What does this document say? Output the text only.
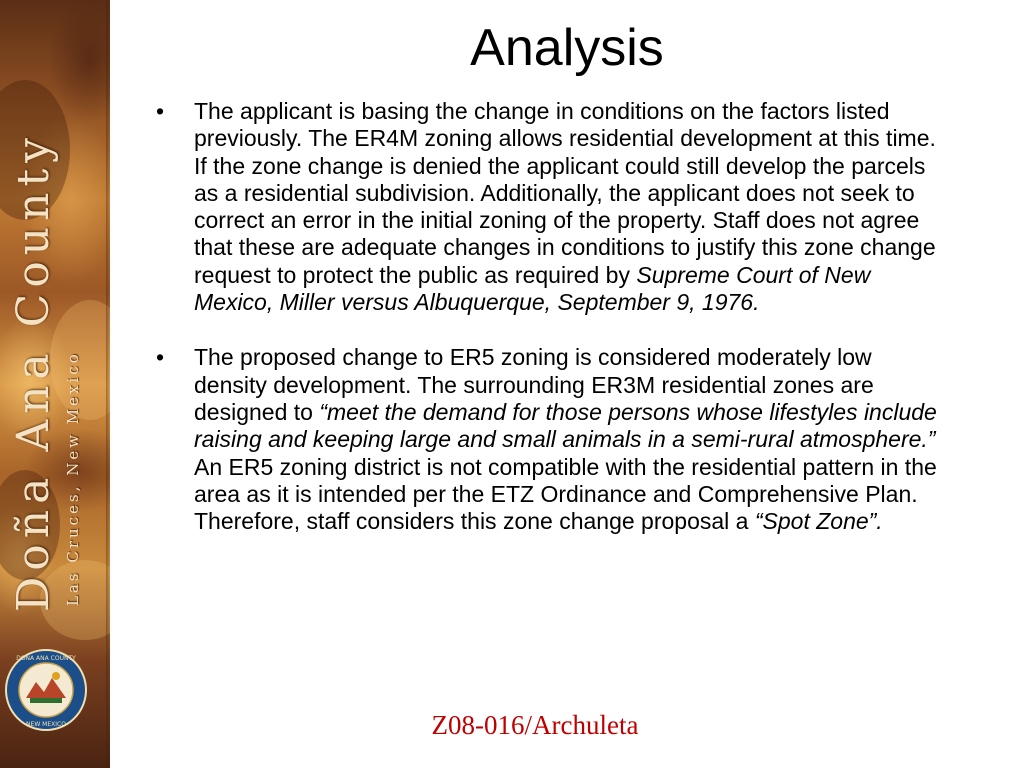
Doña Ana County Las Cruces, New Mexico
DOÑA ANA COUNTY
NEW MEXICO
Analysis
• The applicant is basing the change in conditions on the factors listed previously. The ER4M zoning allows residential development at this time. If the zone change is denied the applicant could still develop the parcels as a residential subdivision. Additionally, the applicant does not seek to correct an error in the initial zoning of the property. Staff does not agree that these are adequate changes in conditions to justify this zone change request to protect the public as required by Supreme Court of New Mexico, Miller versus Albuquerque, September 9, 1976.
• The proposed change to ER5 zoning is considered moderately low density development. The surrounding ER3M residential zones are designed to “meet the demand for those persons whose lifestyles include raising and keeping large and small animals in a semi-rural atmosphere.” An ER5 zoning district is not compatible with the residential pattern in the area as it is intended per the ETZ Ordinance and Comprehensive Plan. Therefore, staff considers this zone change proposal a “Spot Zone”.
Z08-016/Archuleta
